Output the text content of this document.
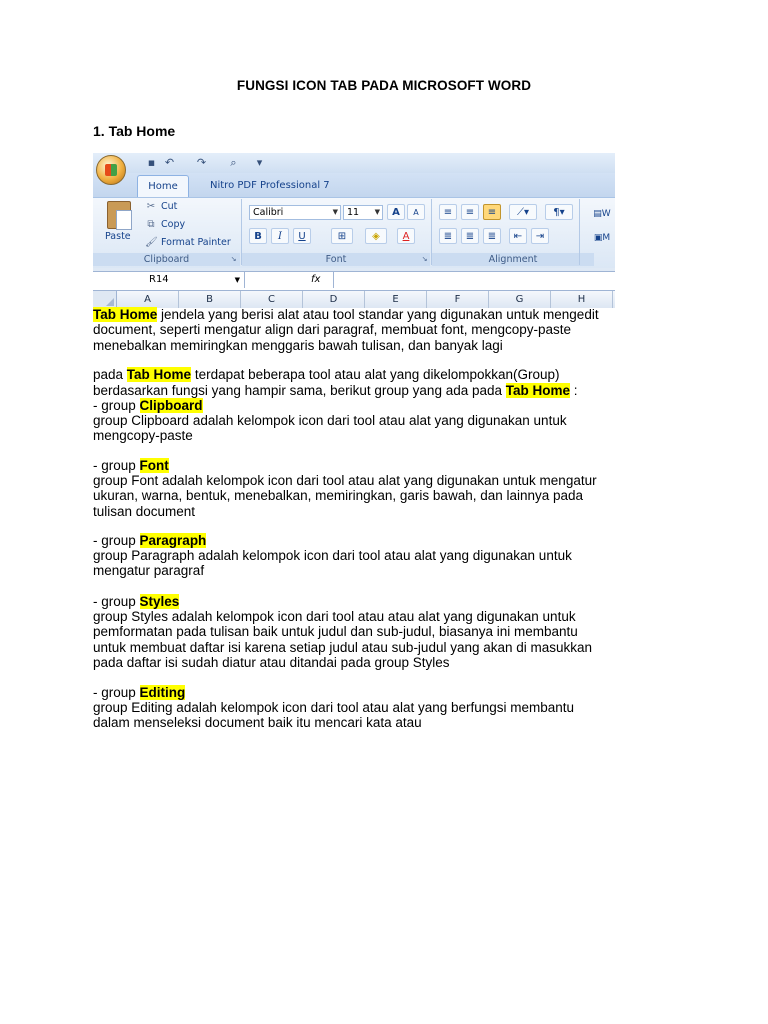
FUNGSI ICON TAB PADA MICROSOFT WORD
1. Tab Home
▪ ↶ ↷	⌕	▾
Home	Nitro PDF Professional 7
Paste
✂ Cut
⧉ Copy
🖌 Format Painter
Clipboard	↘
Calibri	▼ 11 ▼	A	A
B	I	U	⊞	◈	A
Font	↘
≡	≡	≡	⟋▾	¶▾
≣	≣	≣	⇤	⇥
Alignment
▤W
▣M
R14	▼	fx
A	B	C	D	E	F	G	H
Tab Home jendela yang berisi alat atau tool standar yang digunakan untuk mengedit
document, seperti mengatur align dari paragraf, membuat font, mengcopy-paste
menebalkan memiringkan menggaris bawah tulisan, dan banyak lagi
pada Tab Home terdapat beberapa tool atau alat yang dikelompokkan(Group)
berdasarkan fungsi yang hampir sama, berikut group yang ada pada Tab Home :
- group Clipboard
group Clipboard adalah kelompok icon dari tool atau alat yang digunakan untuk
mengcopy-paste
- group Font
group Font adalah kelompok icon dari tool atau alat yang digunakan untuk mengatur
ukuran, warna, bentuk, menebalkan, memiringkan, garis bawah, dan lainnya pada
tulisan document
- group Paragraph
group Paragraph adalah kelompok icon dari tool atau alat yang digunakan untuk
mengatur paragraf
- group Styles
group Styles adalah kelompok icon dari tool atau atau alat yang digunakan untuk
pemformatan pada tulisan baik untuk judul dan sub-judul, biasanya ini membantu
untuk membuat daftar isi karena setiap judul atau sub-judul yang akan di masukkan
pada daftar isi sudah diatur atau ditandai pada group Styles
- group Editing
group Editing adalah kelompok icon dari tool atau alat yang berfungsi membantu
dalam menseleksi document baik itu mencari kata atau
